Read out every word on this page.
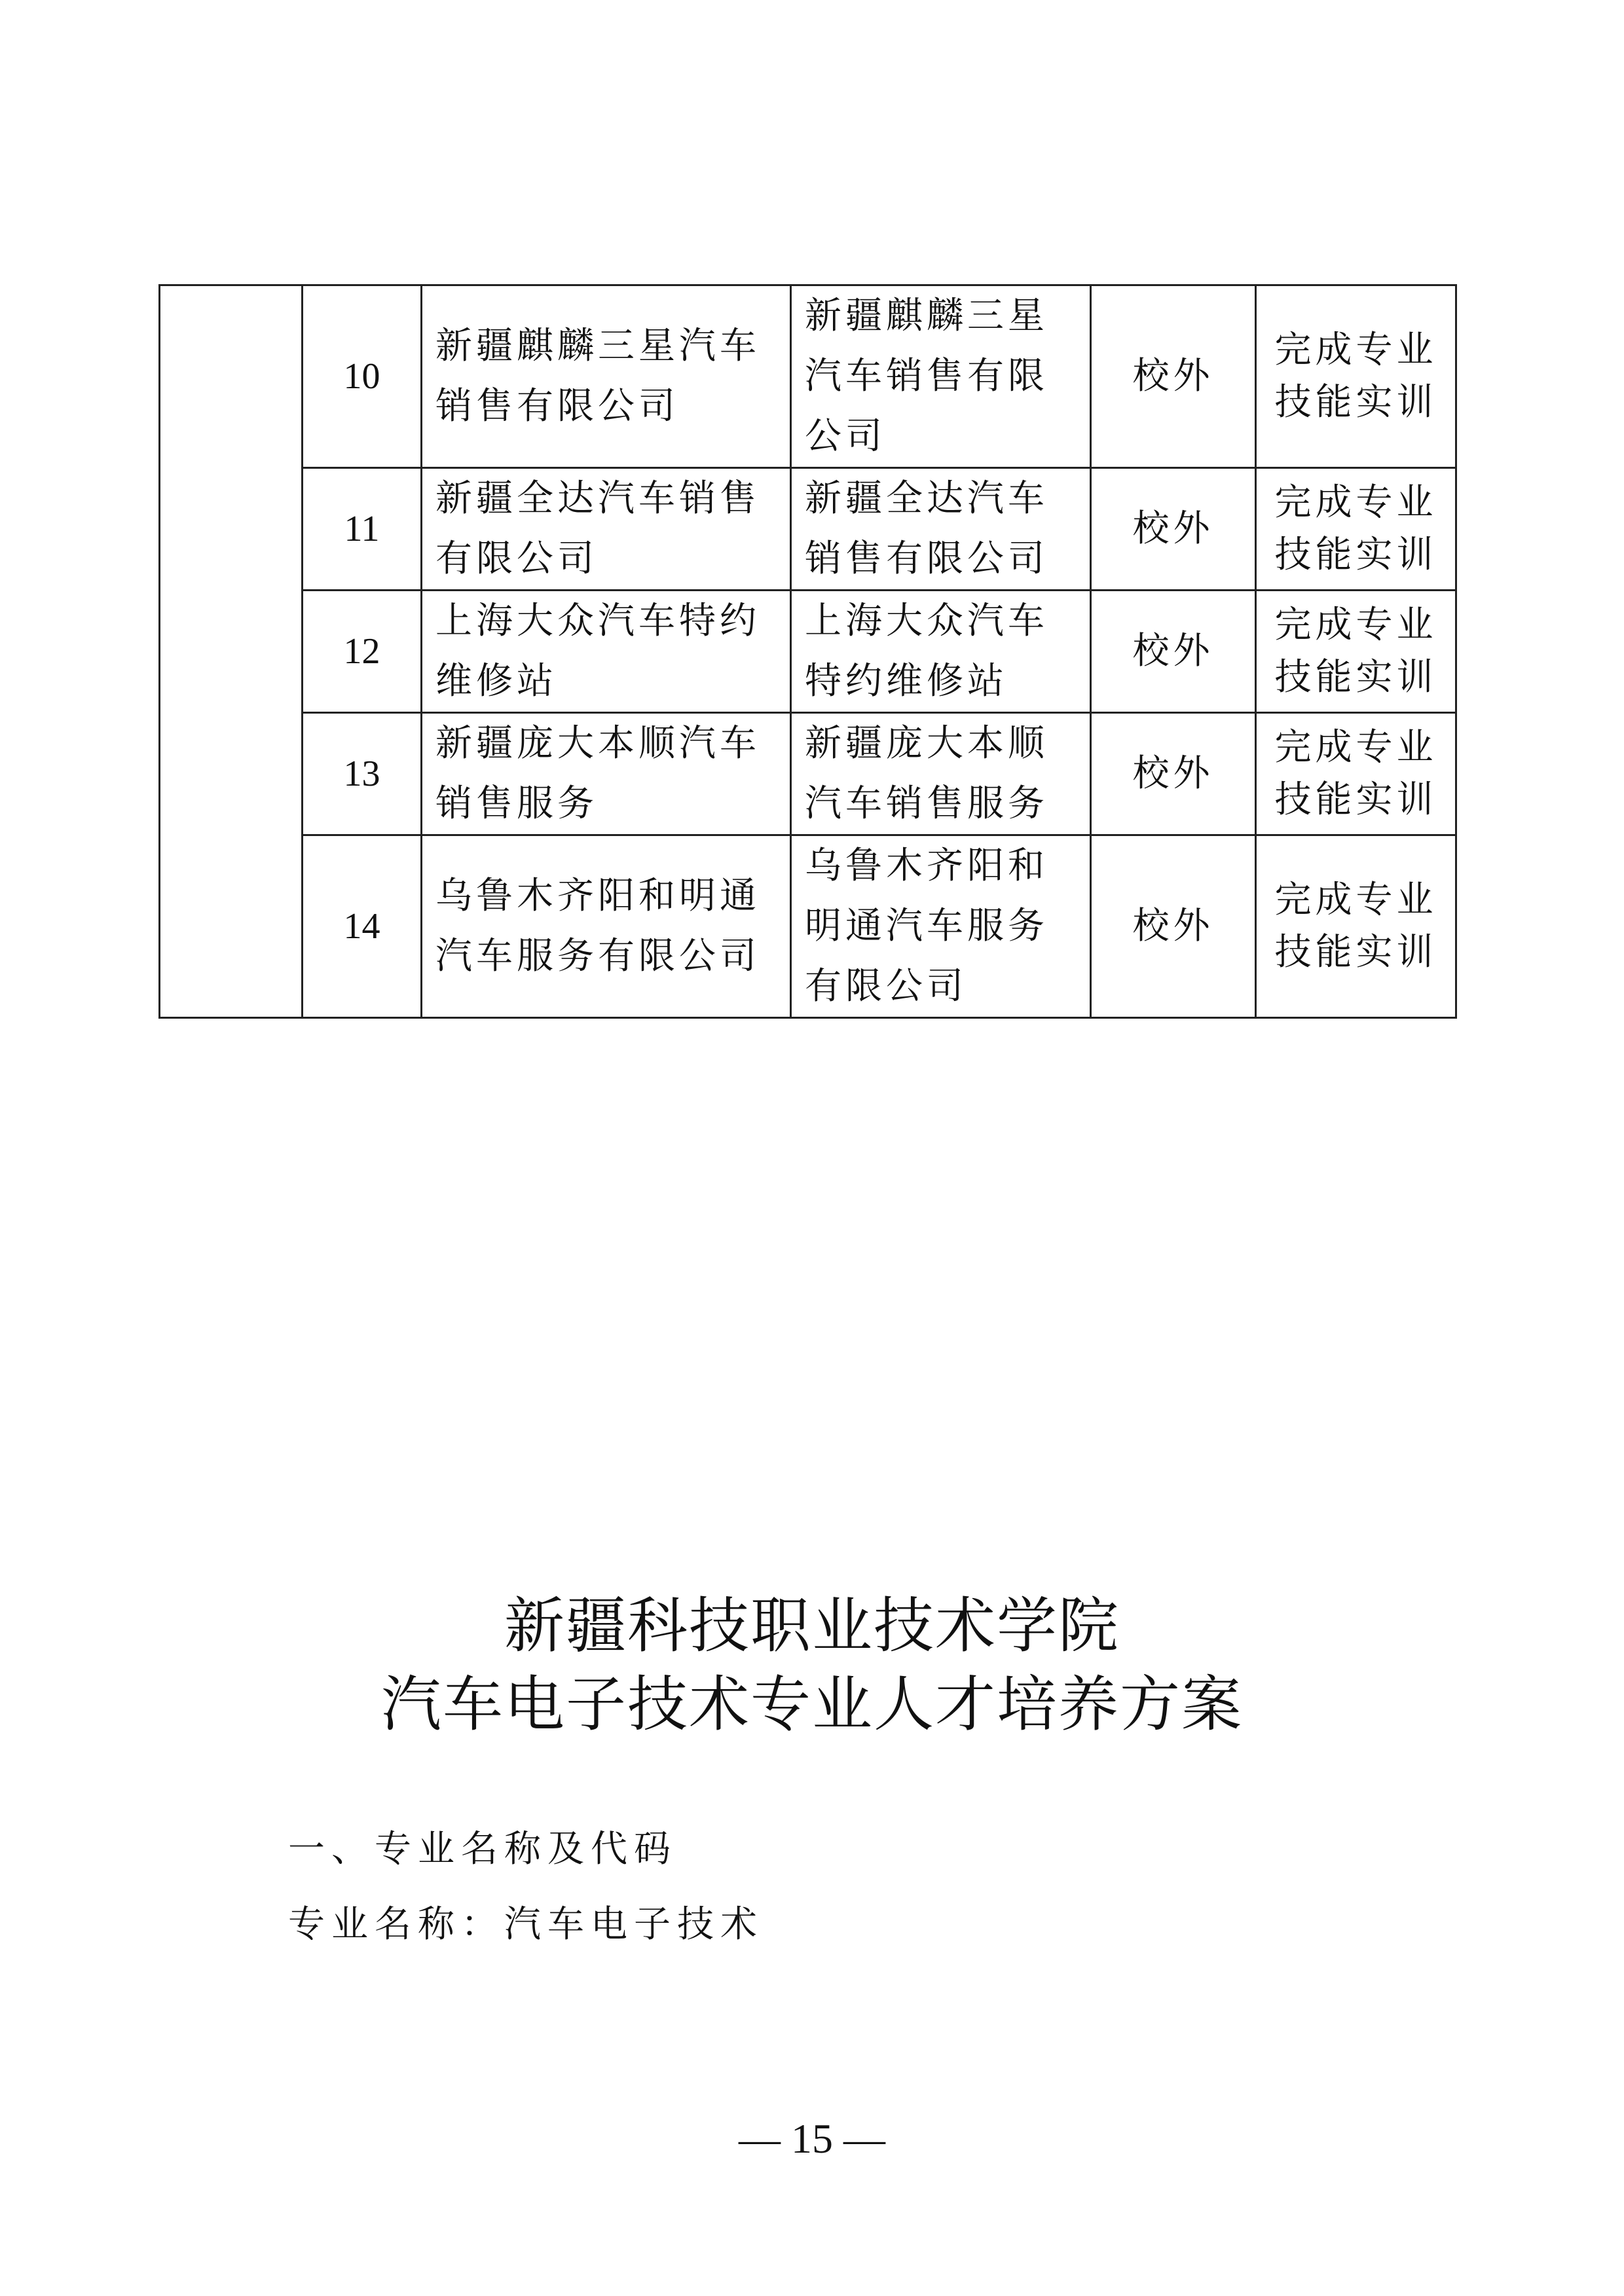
	10	新疆麒麟三星汽车销售有限公司	新疆麒麟三星汽车销售有限公司	校外	完成专业技能实训
	11	新疆全达汽车销售有限公司	新疆全达汽车销售有限公司	校外	完成专业技能实训
	12	上海大众汽车特约维修站	上海大众汽车特约维修站	校外	完成专业技能实训
	13	新疆庞大本顺汽车销售服务	新疆庞大本顺汽车销售服务	校外	完成专业技能实训
	14	乌鲁木齐阳和明通汽车服务有限公司	乌鲁木齐阳和明通汽车服务有限公司	校外	完成专业技能实训
新疆科技职业技术学院
汽车电子技术专业人才培养方案

一、专业名称及代码

专业名称：汽车电子技术

— 15 —
